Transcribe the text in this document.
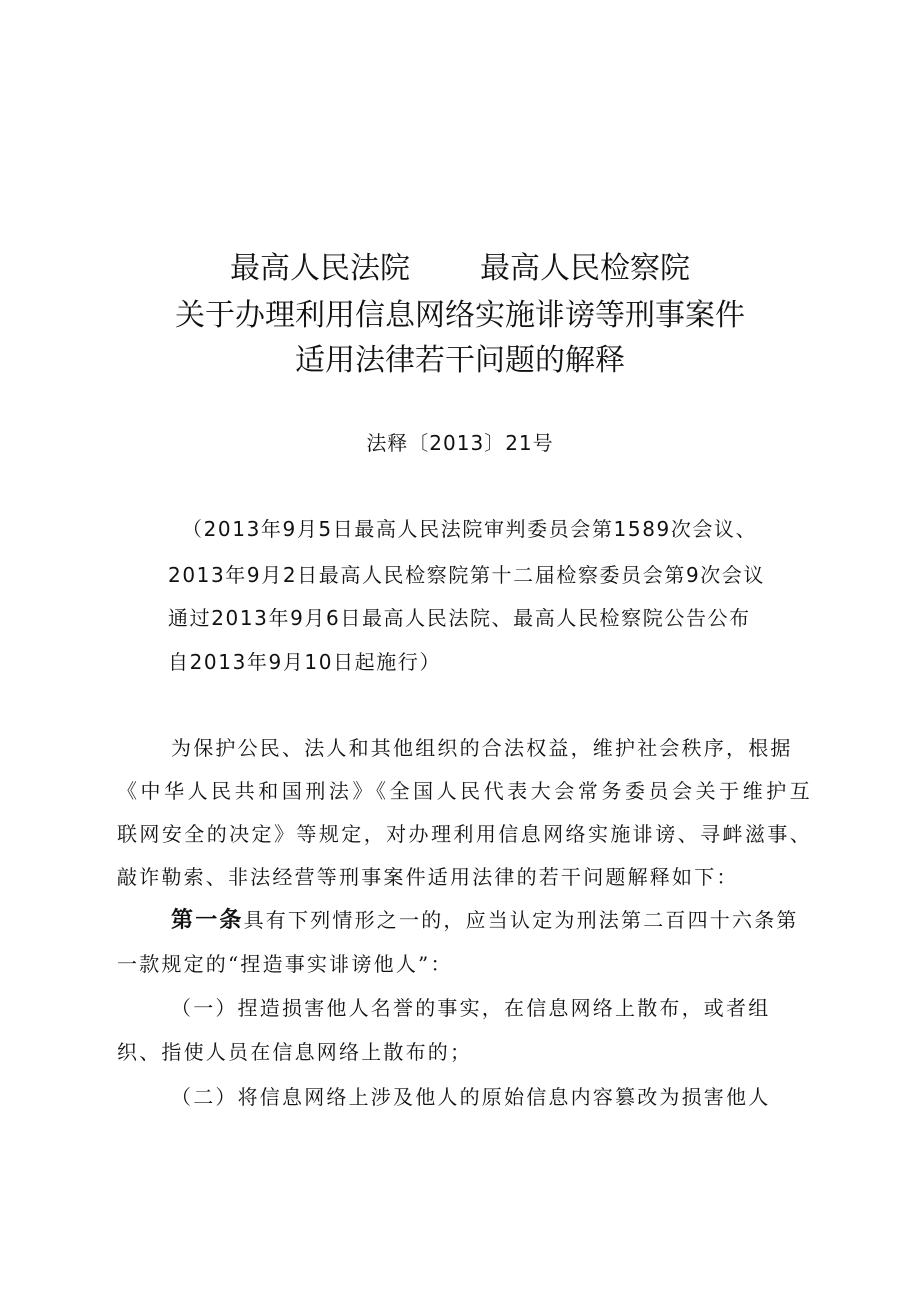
最高人民法院 最高人民检察院
关于办理利用信息网络实施诽谤等刑事案件
适用法律若干问题的解释
法释〔2013〕21号
（2013年9月5日最高人民法院审判委员会第1589次会议、
2013年9月2日最高人民检察院第十二届检察委员会第9次会议
通过2013年9月6日最高人民法院、最高人民检察院公告公布
自2013年9月10日起施行）
为保护公民、法人和其他组织的合法权益，维护社会秩序，根据
《中华人民共和国刑法》《全国人民代表大会常务委员会关于维护互
联网安全的决定》等规定，对办理利用信息网络实施诽谤、寻衅滋事、
敲诈勒索、非法经营等刑事案件适用法律的若干问题解释如下：
第一条具有下列情形之一的，应当认定为刑法第二百四十六条第
一款规定的“捏造事实诽谤他人”：
（一）捏造损害他人名誉的事实，在信息网络上散布，或者组
织、指使人员在信息网络上散布的；
（二）将信息网络上涉及他人的原始信息内容篡改为损害他人
